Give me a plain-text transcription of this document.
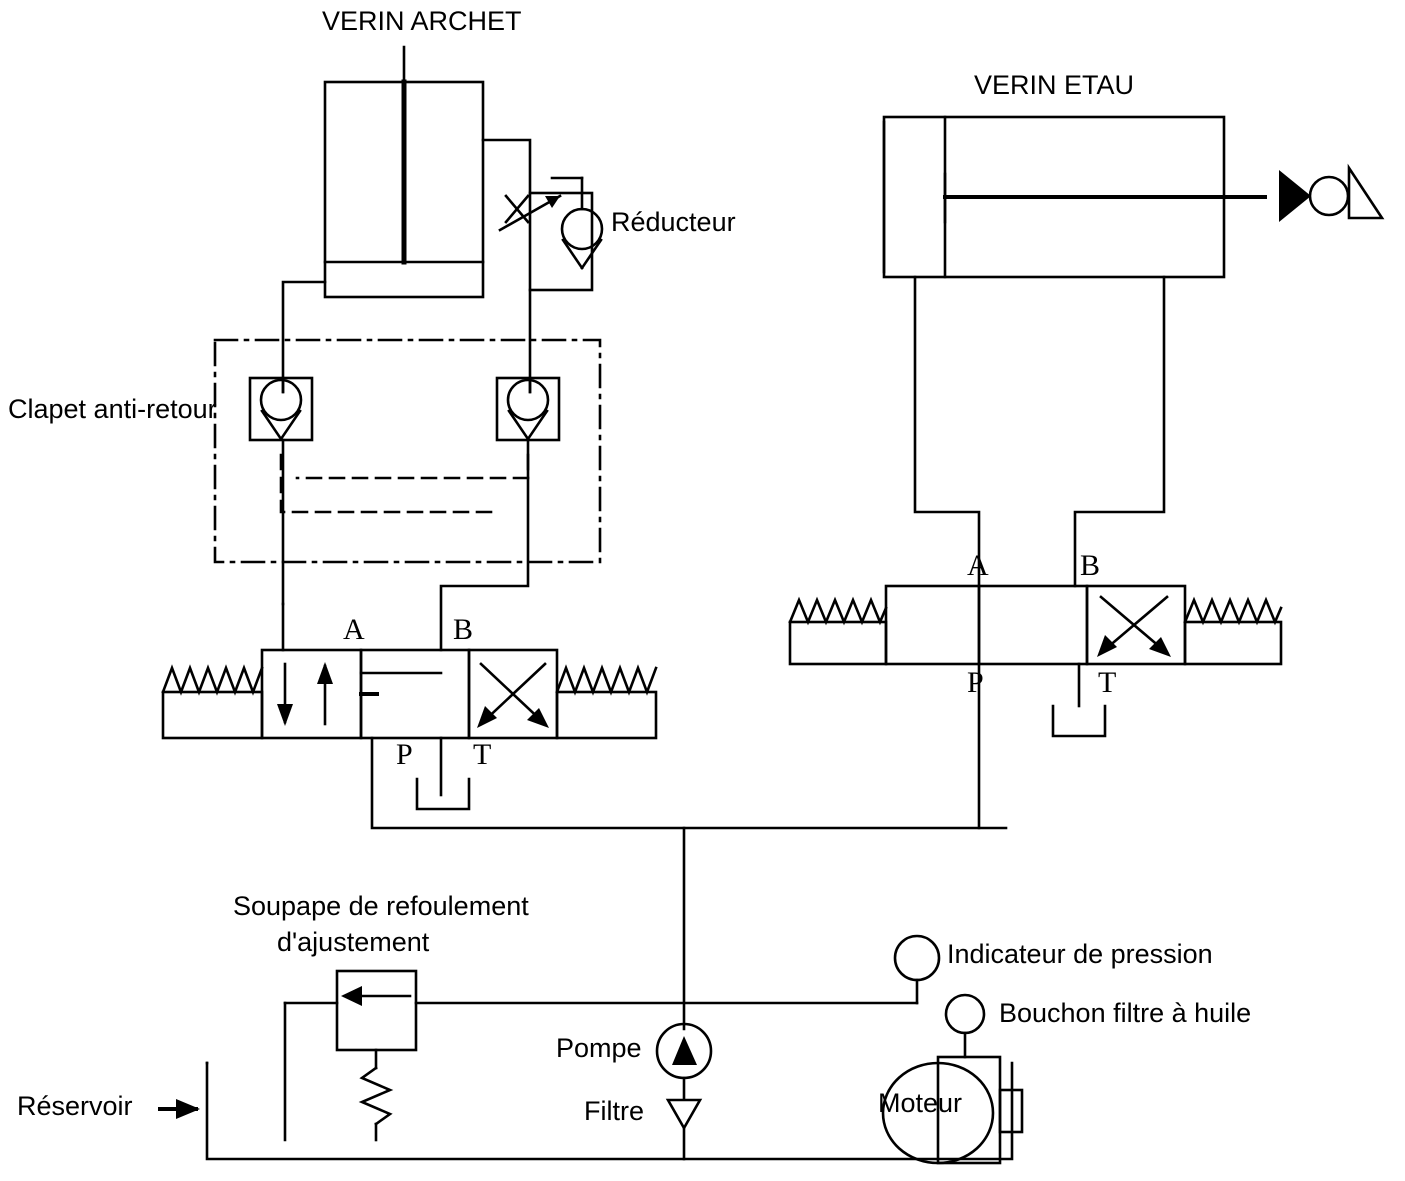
VERIN ARCHET
VERIN ETAU
Réducteur
Clapet anti-retour
A	B
P T
A	B
P	T
Soupape de refoulement
d'ajustement	Indicateur de pression
Bouchon filtre à huile
Pompe
Filtre	Moteur
Réservoir
